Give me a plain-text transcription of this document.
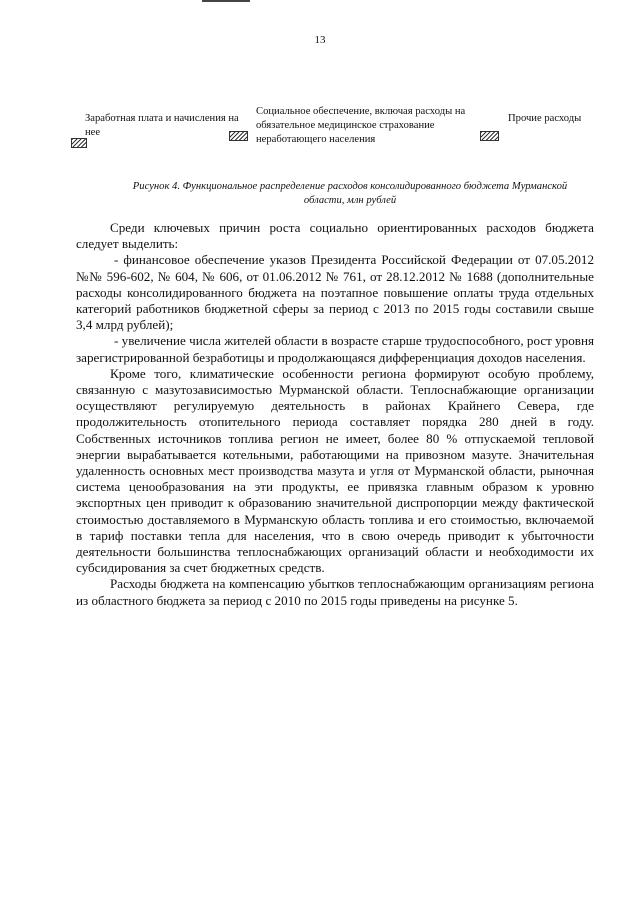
13
Заработная плата и начисления на нее
Социальное обеспечение, включая расходы на обязательное медицинское страхование неработающего населения
Прочие расходы
Рисунок 4. Функциональное распределение расходов консолидированного бюджета Мурманской области, млн рублей

Среди ключевых причин роста социально ориентированных расходов бюджета следует выделить:

- финансовое обеспечение указов Президента Российской Федерации от 07.05.2012 №№ 596-602, № 604, № 606, от 01.06.2012 № 761, от 28.12.2012 № 1688 (дополнительные расходы консолидированного бюджета на поэтапное повышение оплаты труда отдельных категорий работников бюджетной сферы за период с 2013 по 2015 годы составили свыше 3,4 млрд рублей);

- увеличение числа жителей области в возрасте старше трудоспособного, рост уровня зарегистрированной безработицы и продолжающаяся дифференциация доходов населения.

Кроме того, климатические особенности региона формируют особую проблему, связанную с мазутозависимостью Мурманской области. Теплоснабжающие организации осуществляют регулируемую деятельность в районах Крайнего Севера, где продолжительность отопительного периода составляет порядка 280 дней в году. Собственных источников топлива регион не имеет, более 80 % отпускаемой тепловой энергии вырабатывается котельными, работающими на привозном мазуте. Значительная удаленность основных мест производства мазута и угля от Мурманской области, рыночная система ценообразования на эти продукты, ее привязка главным образом к уровню экспортных цен приводит к образованию значительной диспропорции между фактической стоимостью доставляемого в Мурманскую область топлива и его стоимостью, включаемой в тариф поставки тепла для населения, что в свою очередь приводит к убыточности деятельности большинства теплоснабжающих организаций области и необходимости их субсидирования за счет бюджетных средств.

Расходы бюджета на компенсацию убытков теплоснабжающим организациям региона из областного бюджета за период с 2010 по 2015 годы приведены на рисунке 5.
